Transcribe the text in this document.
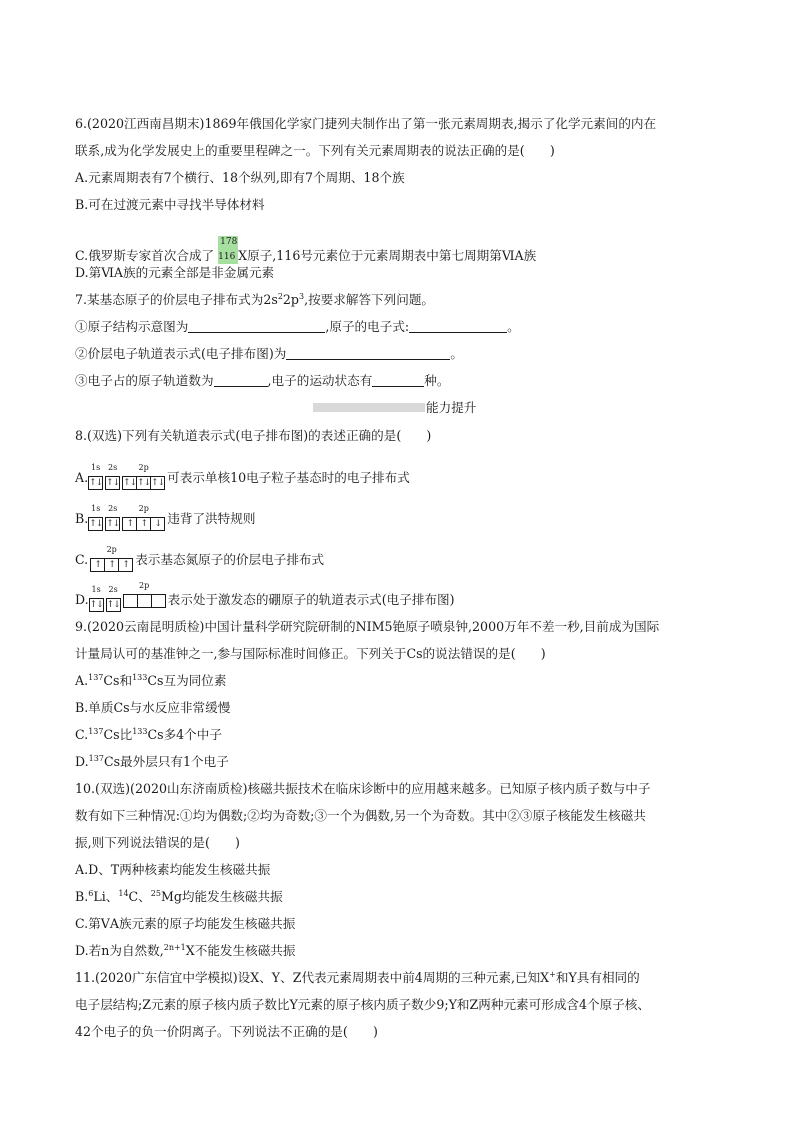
6.(2020江西南昌期末)1869年俄国化学家门捷列夫制作出了第一张元素周期表,揭示了化学元素间的内在
联系,成为化学发展史上的重要里程碑之一。下列有关元素周期表的说法正确的是(　　)
A.元素周期表有7个横行、18个纵列,即有7个周期、18个族
B.可在过渡元素中寻找半导体材料
C.俄罗斯专家首次合成了
178
116 X原子,116号元素位于元素周期表中第七周期第ⅥA族
D.第ⅥA族的元素全部是非金属元素
7.某基态原子的价层电子排布式为$2s^22p^3$,按要求解答下列问题。
①原子结构示意图为	,原子的电子式:	。
②价层电子轨道表示式(电子排布图)为	。
③电子占的原子轨道数为	,电子的运动状态有	种。
能力提升
8.(双选)下列有关轨道表示式(电子排布图)的表述正确的是(　　)
A.
1s
↑↓
2s
↑↓
2p
↑↓ ↑↓ ↑↓ 可表示单核10电子粒子基态时的电子排布式
B.
1s
↑↓
2s
↑↓
2p
↑ ↑ ↓ 违背了洪特规则
C.
2p
↑ ↑ ↑ 表示基态氮原子的价层电子排布式
D.
1s
↑↓
2s
↑↓
2p
表示处于激发态的硼原子的轨道表示式(电子排布图)
9.(2020云南昆明质检)中国计量科学研究院研制的NIM5铯原子喷泉钟,2000万年不差一秒,目前成为国际
计量局认可的基准钟之一,参与国际标准时间修正。下列关于Cs的说法错误的是(　　)
A.$^{137}$Cs和$^{133}$Cs互为同位素
B.单质Cs与水反应非常缓慢
C.$^{137}$Cs比$^{133}$Cs多4个中子
D.$^{137}$Cs最外层只有1个电子
10.(双选)(2020山东济南质检)核磁共振技术在临床诊断中的应用越来越多。已知原子核内质子数与中子
数有如下三种情况:①均为偶数;②均为奇数;③一个为偶数,另一个为奇数。其中②③原子核能发生核磁共
振,则下列说法错误的是(　　)
A.D、T两种核素均能发生核磁共振
B.$^6$Li、$^{14}$C、$^{25}$Mg均能发生核磁共振
C.第ⅤA族元素的原子均能发生核磁共振
D.若n为自然数,$^{2n+1}$X不能发生核磁共振
11.(2020广东信宜中学模拟)设X、Y、Z代表元素周期表中前4周期的三种元素,已知X+和Y具有相同的
电子层结构;Z元素的原子核内质子数比Y元素的原子核内质子数少9;Y和Z两种元素可形成含4个原子核、
42个电子的负一价阴离子。下列说法不正确的是(　　)
